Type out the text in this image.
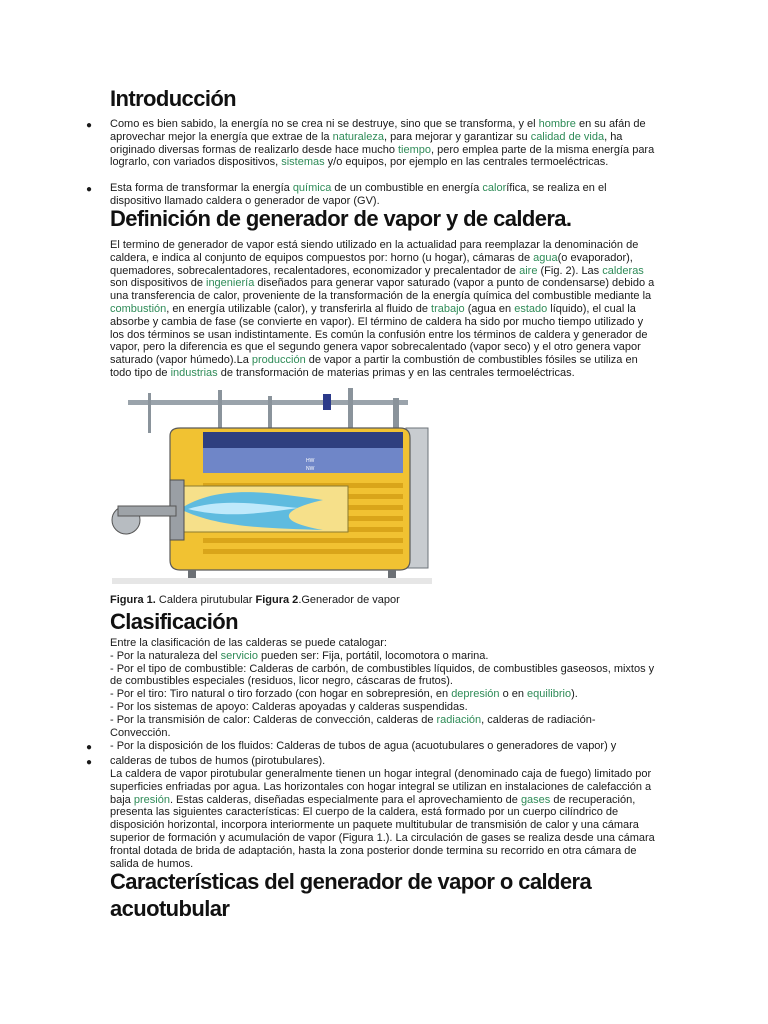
Introducción
● Como es bien sabido, la energía no se crea ni se destruye, sino que se transforma, y el hombre en su afán de aprovechar mejor la energía que extrae de la naturaleza, para mejorar y garantizar su calidad de vida, ha originado diversas formas de realizarlo desde hace mucho tiempo, pero emplea parte de la misma energía para lograrlo, con variados dispositivos, sistemas y/o equipos, por ejemplo en las centrales termoeléctricas.
● Esta forma de transformar la energía química de un combustible en energía calorífica, se realiza en el dispositivo llamado caldera o generador de vapor (GV).
Definición de generador de vapor y de caldera.
El termino de generador de vapor está siendo utilizado en la actualidad para reemplazar la denominación de caldera, e indica al conjunto de equipos compuestos por: horno (u hogar), cámaras de agua(o evaporador), quemadores, sobrecalentadores, recalentadores, economizador y precalentador de aire (Fig. 2). Las calderas son dispositivos de ingeniería diseñados para generar vapor saturado (vapor a punto de condensarse) debido a una transferencia de calor, proveniente de la transformación de la energía química del combustible mediante la combustión, en energía utilizable (calor), y transferirla al fluido de trabajo (agua en estado líquido), el cual la absorbe y cambia de fase (se convierte en vapor). El término de caldera ha sido por mucho tiempo utilizado y los dos términos se usan indistintamente. Es común la confusión entre los términos de caldera y generador de vapor, pero la diferencia es que el segundo genera vapor sobrecalentado (vapor seco) y el otro genera vapor saturado (vapor húmedo).La producción de vapor a partir la combustión de combustibles fósiles se utiliza en todo tipo de industrias de transformación de materias primas y en las centrales termoeléctricas.
HW
NW
Figura 1. Caldera pirutubular Figura 2.Generador de vapor
Clasificación
Entre la clasificación de las calderas se puede catalogar:
- Por la naturaleza del servicio pueden ser: Fija, portátil, locomotora o marina.
- Por el tipo de combustible: Calderas de carbón, de combustibles líquidos, de combustibles gaseosos, mixtos y de combustibles especiales (residuos, licor negro, cáscaras de frutos).
- Por el tiro: Tiro natural o tiro forzado (con hogar en sobrepresión, en depresión o en equilibrio).
- Por los sistemas de apoyo: Calderas apoyadas y calderas suspendidas.
- Por la transmisión de calor: Calderas de convección, calderas de radiación, calderas de radiación-Convección.
● - Por la disposición de los fluidos: Calderas de tubos de agua (acuotubulares o generadores de vapor) y
● calderas de tubos de humos (pirotubulares).
La caldera de vapor pirotubular generalmente tienen un hogar integral (denominado caja de fuego) limitado por superficies enfriadas por agua. Las horizontales con hogar integral se utilizan en instalaciones de calefacción a baja presión. Estas calderas, diseñadas especialmente para el aprovechamiento de gases de recuperación, presenta las siguientes características: El cuerpo de la caldera, está formado por un cuerpo cilíndrico de disposición horizontal, incorpora interiormente un paquete multitubular de transmisión de calor y una cámara superior de formación y acumulación de vapor (Figura 1.). La circulación de gases se realiza desde una cámara frontal dotada de brida de adaptación, hasta la zona posterior donde termina su recorrido en otra cámara de salida de humos.
Características del generador de vapor o caldera acuotubular
